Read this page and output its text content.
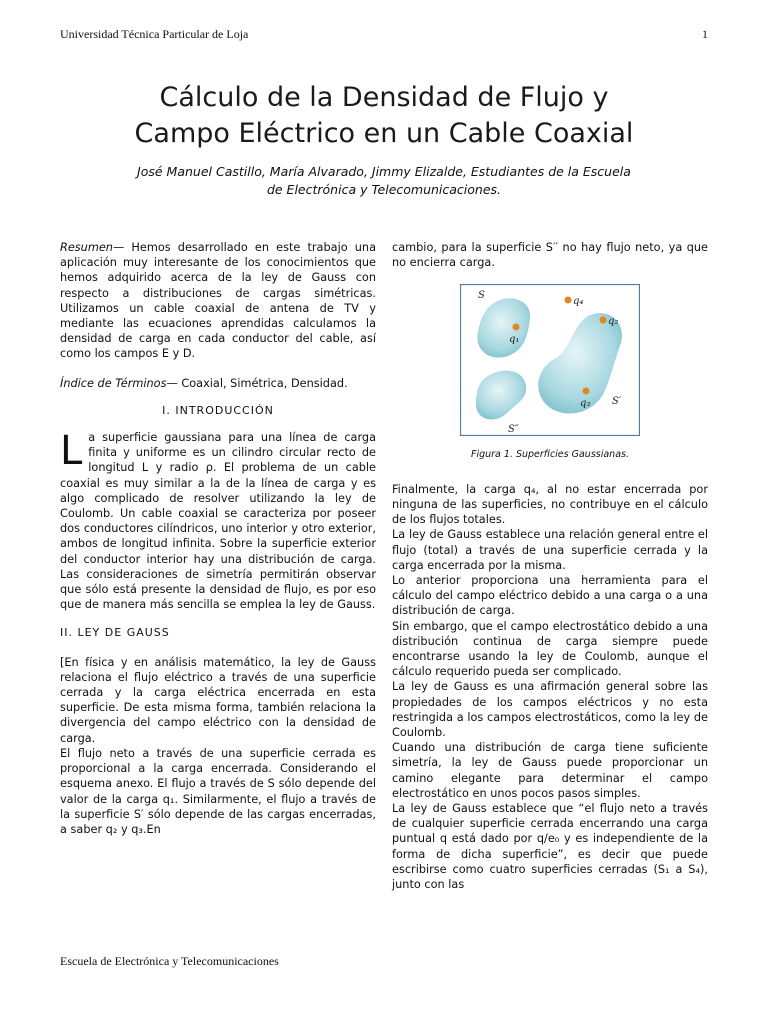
Universidad Técnica Particular de Loja	1
Cálculo de la Densidad de Flujo y
Campo Eléctrico en un Cable Coaxial
José Manuel Castillo, María Alvarado, Jimmy Elizalde, Estudiantes de la Escuela
de Electrónica y Telecomunicaciones.

Resumen— Hemos desarrollado en este trabajo una aplicación muy interesante de los conocimientos que hemos adquirido acerca de la ley de Gauss con respecto a distribuciones de cargas simétricas. Utilizamos un cable coaxial de antena de TV y mediante las ecuaciones aprendidas calculamos la densidad de carga en cada conductor del cable, así como los campos E y D.

Índice de Términos— Coaxial, Simétrica, Densidad.

I. INTRODUCCIÓN

La superficie gaussiana para una línea de carga finita y uniforme es un cilindro circular recto de longitud L y radio ρ. El problema de un cable coaxial es muy similar a la de la línea de carga y es algo complicado de resolver utilizando la ley de Coulomb. Un cable coaxial se caracteriza por poseer dos conductores cilíndricos, uno interior y otro exterior, ambos de longitud infinita. Sobre la superficie exterior del conductor interior hay una distribución de carga. Las consideraciones de simetría permitirán observar que sólo está presente la densidad de flujo, es por eso que de manera más sencilla se emplea la ley de Gauss.

II. LEY DE GAUSS

[En física y en análisis matemático, la ley de Gauss relaciona el flujo eléctrico a través de una superficie cerrada y la carga eléctrica encerrada en esta superficie. De esta misma forma, también relaciona la divergencia del campo eléctrico con la densidad de carga.

El flujo neto a través de una superficie cerrada es proporcional a la carga encerrada. Considerando el esquema anexo. El flujo a través de S sólo depende del valor de la carga q₁. Similarmente, el flujo a través de la superficie S′ sólo depende de las cargas encerradas, a saber q₂ y q₃.En

cambio, para la superficie S′′ no hay flujo neto, ya que no encierra carga.

S
q₁
q₄
q₂
q₃ S′
S″
Figura 1. Superficies Gaussianas.

Finalmente, la carga q₄, al no estar encerrada por ninguna de las superficies, no contribuye en el cálculo de los flujos totales.

La ley de Gauss establece una relación general entre el flujo (total) a través de una superficie cerrada y la carga encerrada por la misma.

Lo anterior proporciona una herramienta para el cálculo del campo eléctrico debido a una carga o a una distribución de carga.

Sin embargo, que el campo electrostático debido a una distribución continua de carga siempre puede encontrarse usando la ley de Coulomb, aunque el cálculo requerido pueda ser complicado.

La ley de Gauss es una afirmación general sobre las propiedades de los campos eléctricos y no esta restringida a los campos electrostáticos, como la ley de Coulomb.

Cuando una distribución de carga tiene suficiente simetría, la ley de Gauss puede proporcionar un camino elegante para determinar el campo electrostático en unos pocos pasos simples.

La ley de Gauss establece que “el flujo neto a través de cualquier superficie cerrada encerrando una carga puntual q está dado por q/e₀ y es independiente de la forma de dicha superficie”, es decir que puede escribirse como cuatro superficies cerradas (S₁ a S₄), junto con las

Escuela de Electrónica y Telecomunicaciones
